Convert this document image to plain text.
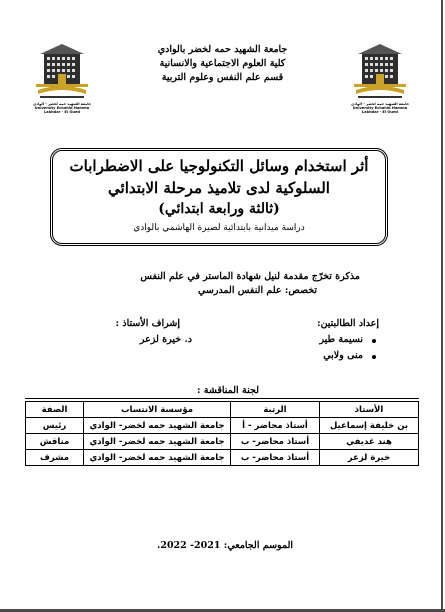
جامعة الشهيد حمه لخضر - الوادي University Echahid Hamma Lakhdar - El Oued
جامعة الشهيد حمه لخضر - الوادي University Echahid Hamma Lakhdar - El Oued
جامعة الشهيد حمه لخضر بالوادي
كلية العلوم الاجتماعية والانسانية
قسم علم النفس وعلوم التربية
أثر استخدام وسائل التكنولوجيا على الاضطرابات
السلوكية لدى تلاميذ مرحلة الابتدائي
(ثالثة ورابعة ابتدائي)
دراسة ميدانية بابتدائية لصيرة الهاشمي بالوادي
مذكرة تخرّج مقدمة لنيل شهادة الماستر في علم النفس
تخصص: علم النفس المدرسي
إعداد الطالبتين:
نسيمة طير
منى ولابي
إشراف الأستاذ :
د. خيرة لزعر
لجنة المناقشة :
الأستاذ	الرتبة	مؤسسة الانتساب	الصفة
بن خليفة إسماعيل	أستاذ محاضر - أ	جامعة الشهيد حمه لخضر- الوادي	رئيس
هند غديفي	أستاذ محاضر- ب	جامعة الشهيد حمه لخضر- الوادي	مناقش
خيرة لزعر	أستاذ محاضر- ب	جامعة الشهيد حمه لخضر- الوادي	مشرف
الموسم الجامعي: 2021- 2022.
